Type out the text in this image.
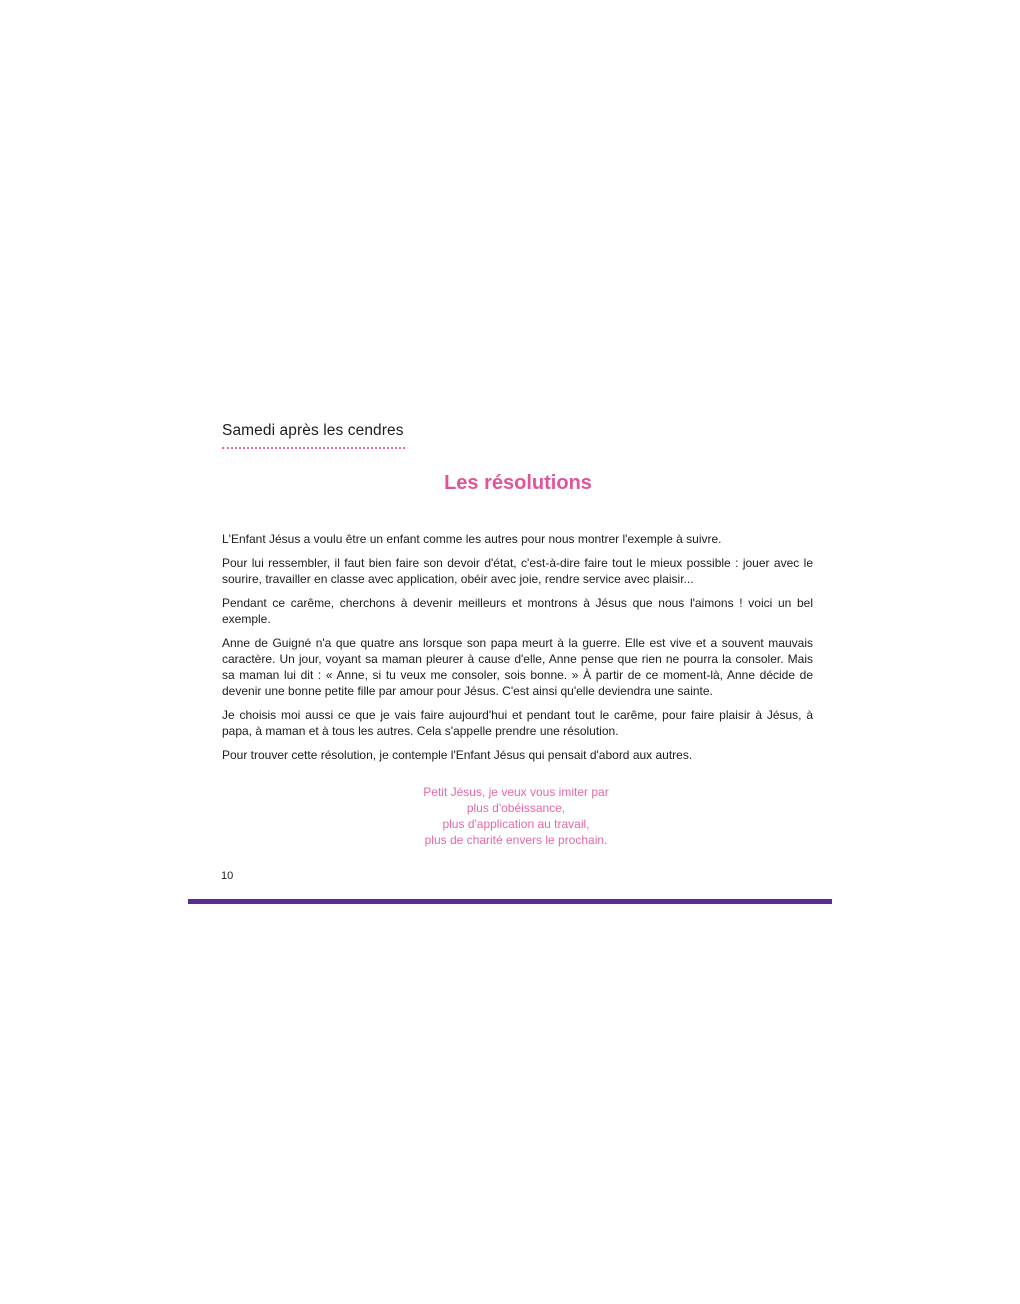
Samedi après les cendres
Les résolutions

L'Enfant Jésus a voulu être un enfant comme les autres pour nous montrer l'exemple à suivre.

Pour lui ressembler, il faut bien faire son devoir d'état, c'est-à-dire faire tout le mieux possible : jouer avec le sourire, travailler en classe avec application, obéir avec joie, rendre service avec plaisir...

Pendant ce carême, cherchons à devenir meilleurs et montrons à Jésus que nous l'aimons ! voici un bel exemple.

Anne de Guigné n'a que quatre ans lorsque son papa meurt à la guerre. Elle est vive et a souvent mauvais caractère. Un jour, voyant sa maman pleurer à cause d'elle, Anne pense que rien ne pourra la consoler. Mais sa maman lui dit : « Anne, si tu veux me consoler, sois bonne. » À partir de ce moment-là, Anne décide de devenir une bonne petite fille par amour pour Jésus. C'est ainsi qu'elle deviendra une sainte.

Je choisis moi aussi ce que je vais faire aujourd'hui et pendant tout le carême, pour faire plaisir à Jésus, à papa, à maman et à tous les autres. Cela s'appelle prendre une résolution.

Pour trouver cette résolution, je contemple l'Enfant Jésus qui pensait d'abord aux autres.

Petit Jésus, je veux vous imiter par
plus d'obéissance,
plus d'application au travail,
plus de charité envers le prochain.
10
